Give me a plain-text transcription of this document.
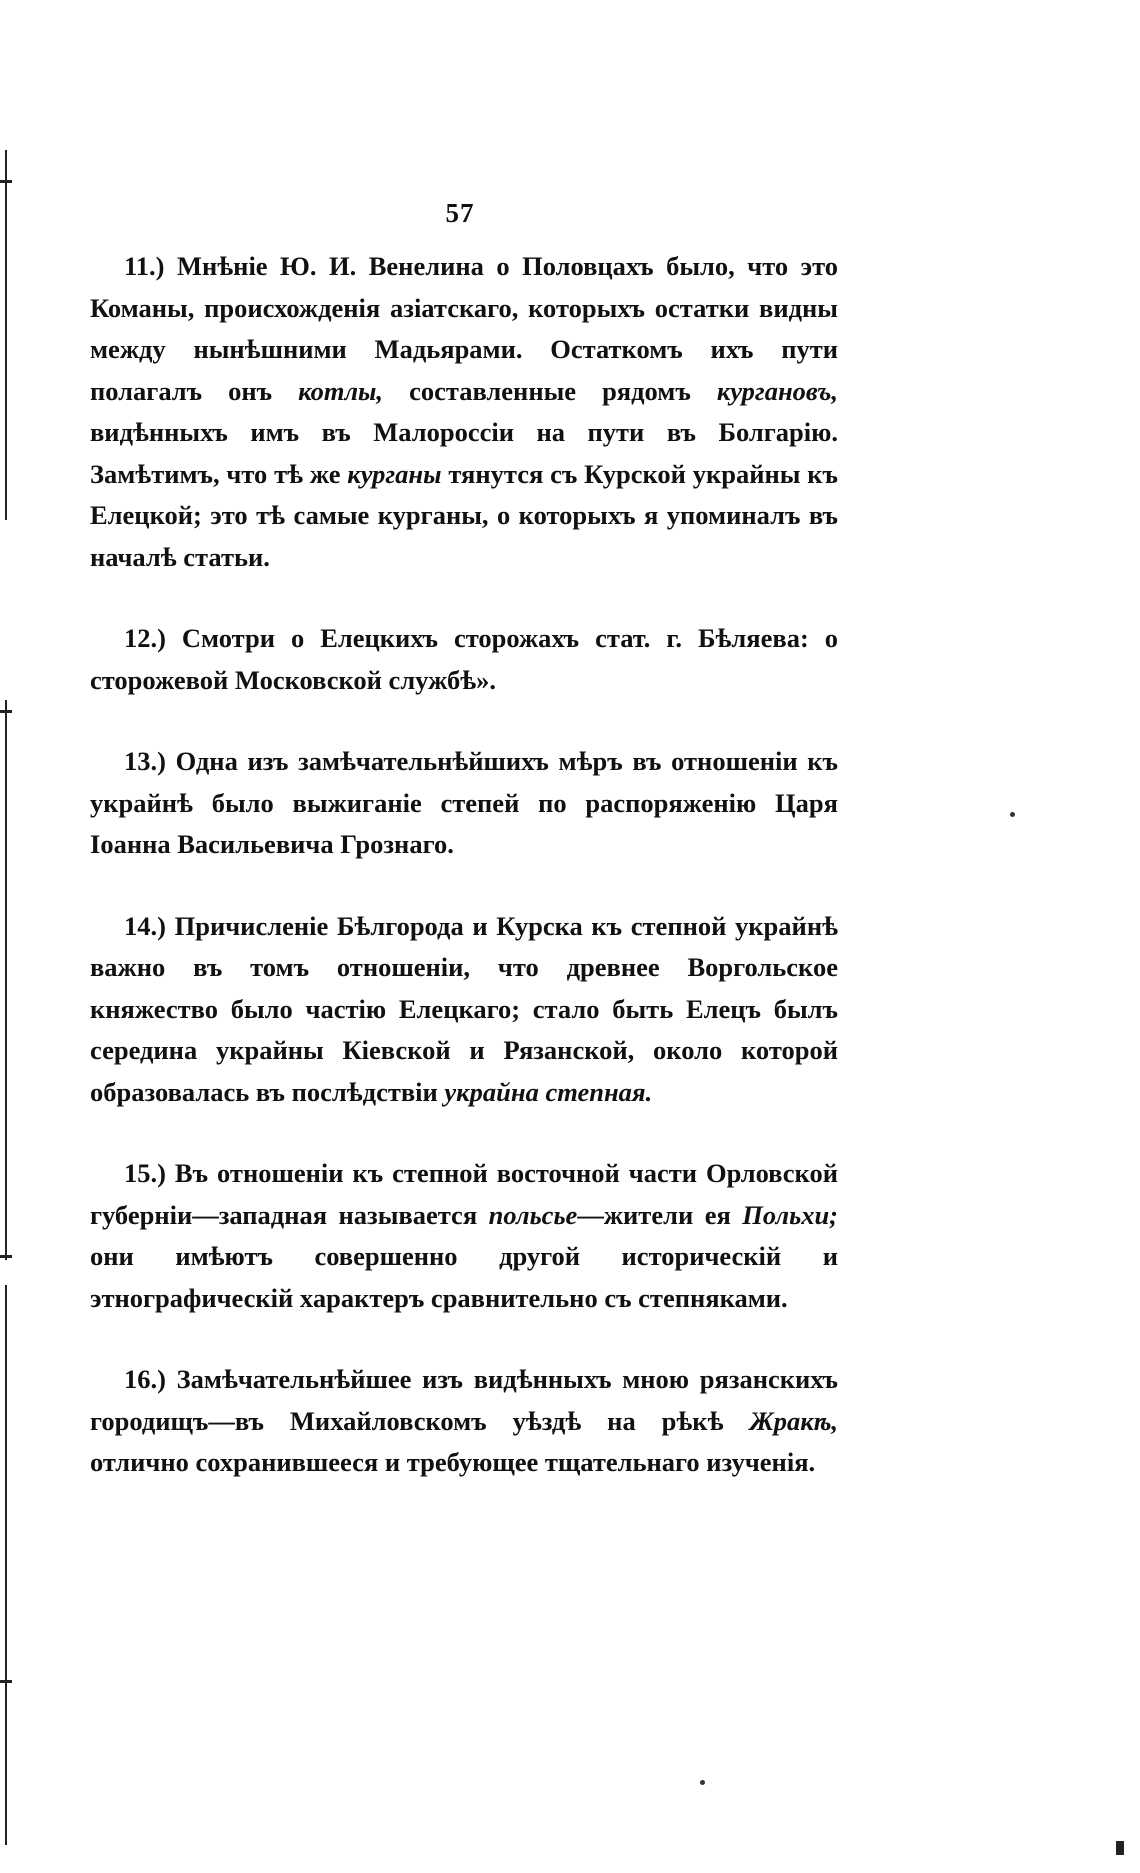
57

11.) Мнѣніе Ю. И. Венелина о Половцахъ было, что это Команы, происхожденія азіатскаго, которыхъ остатки видны между нынѣшними Мадьярами. Остаткомъ ихъ пути полагалъ онъ котлы, составленные рядомъ кургановъ, видѣнныхъ имъ въ Малороссіи на пути въ Болгарію. Замѣтимъ, что тѣ же курганы тянутся съ Курской украйны къ Елецкой; это тѣ самые курганы, о которыхъ я упоминалъ въ началѣ статьи.

12.) Смотри о Елецкихъ сторожахъ стат. г. Бѣляева: о сторожевой Московской службѣ».

13.) Одна изъ замѣчательнѣйшихъ мѣръ въ отношеніи къ украйнѣ было выжиганіе степей по распоряженію Царя Іоанна Васильевича Грознаго.

14.) Причисленіе Бѣлгорода и Курска къ степной украйнѣ важно въ томъ отношеніи, что древнее Воргольское княжество было частію Елецкаго; стало быть Елецъ былъ середина украйны Кіевской и Рязанской, около которой образовалась въ послѣдствіи украйна степная.

15.) Въ отношеніи къ степной восточной части Орловской губерніи—западная называется польсье—жители ея Польхи; они имѣютъ совершенно другой историческій и этнографическій характеръ сравнительно съ степняками.

16.) Замѣчательнѣйшее изъ видѣнныхъ мною рязанскихъ городищъ—въ Михайловскомъ уѣздѣ на рѣкѣ Жракѣ, отлично сохранившееся и требующее тщательнаго изученія.
